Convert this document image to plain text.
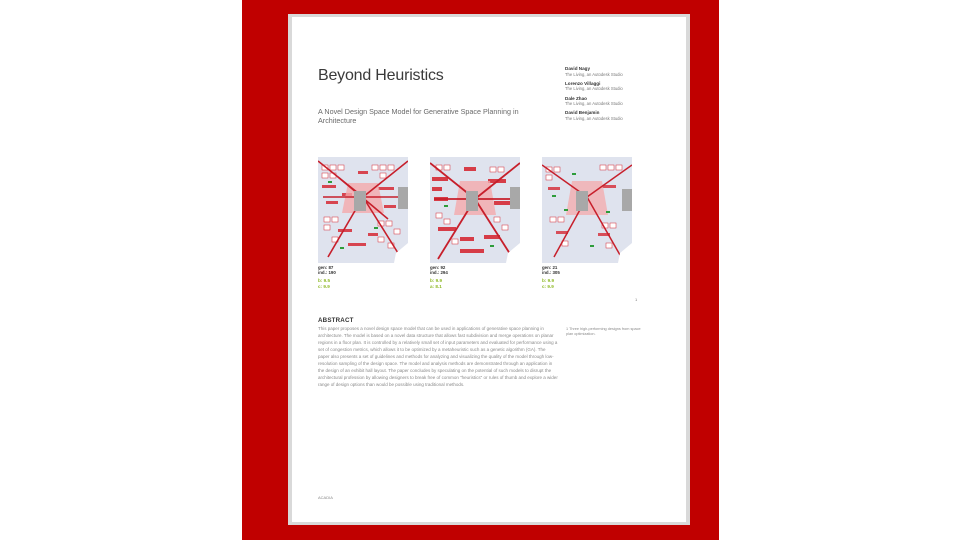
Beyond Heuristics
A Novel Design Space Model for Generative Space Planning in Architecture
David Nagy
The Living, an Autodesk Studio
Lorenzo Villaggi
The Living, an Autodesk Studio
Dale Zhao
The Living, an Autodesk Studio
David Benjamin
The Living, an Autodesk Studio
gen: 87
ind.: 190
b: 9.5
c: 9.9
gen: 92
ind.: 294
b: 9.9
a: 8.1
gen: 21
ind.: 305
b: 9.9
c: 9.9
1
ABSTRACT
This paper proposes a novel design space model that can be used in applications of generative space planning in architecture. The model is based on a novel data structure that allows fast subdivision and merge operations on planar regions in a floor plan. It is controlled by a relatively small set of input parameters and evaluated for performance using a set of congestion metrics, which allows it to be optimized by a metaheuristic such as a genetic algorithm (GA). The paper also presents a set of guidelines and methods for analyzing and visualizing the quality of the model through low-resolution sampling of the design space. The model and analysis methods are demonstrated through an application in the design of an exhibit hall layout. The paper concludes by speculating on the potential of such models to disrupt the architectural profession by allowing designers to break free of common "heuristics" or rules of thumb and explore a wider range of design options than would be possible using traditional methods.
1 Three high-performing designs from space plan optimization.
ACADIA
